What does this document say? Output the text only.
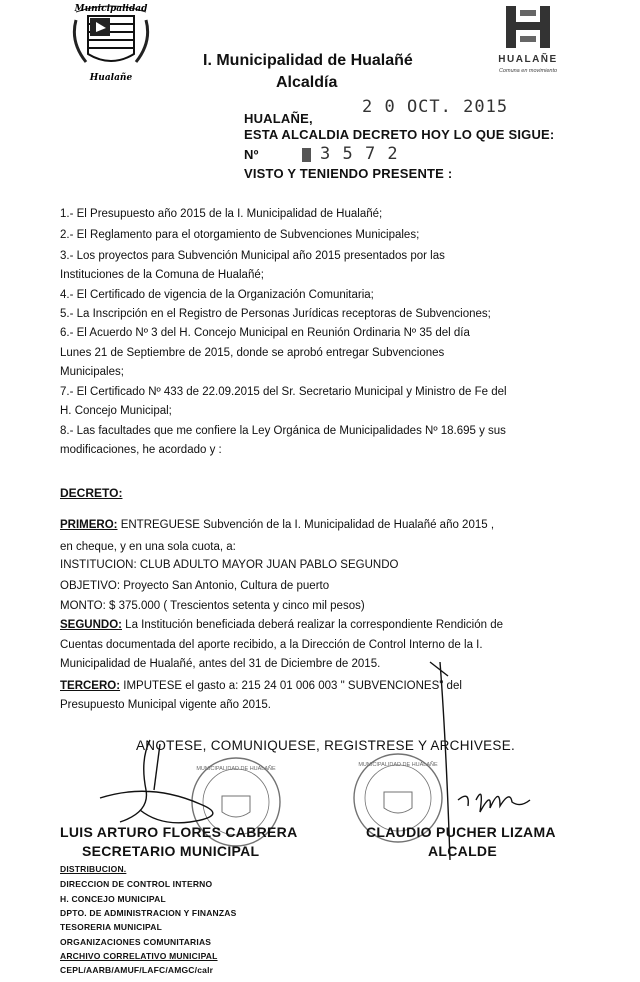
Municipalidad
Hualañe
I. Municipalidad de Hualañé
Alcaldía
HUALAÑE
Comuna en movimiento
HUALAÑE,
2 0 OCT. 2015
ESTA ALCALDIA DECRETO HOY LO QUE SIGUE:
Nº	3 5 7 2
VISTO Y TENIENDO PRESENTE :
1.- El Presupuesto año 2015 de la I. Municipalidad de Hualañé;
2.- El Reglamento para el otorgamiento de Subvenciones Municipales;
3.- Los proyectos para Subvención Municipal año 2015 presentados por las
Instituciones de la Comuna de Hualañé;
4.- El Certificado de vigencia de la Organización Comunitaria;
5.- La Inscripción en el Registro de Personas Jurídicas receptoras de Subvenciones;
6.- El Acuerdo Nº 3 del H. Concejo Municipal en Reunión Ordinaria Nº 35 del día
Lunes 21 de Septiembre de 2015, donde se aprobó entregar Subvenciones
Municipales;
7.- El Certificado Nº 433 de 22.09.2015 del Sr. Secretario Municipal y Ministro de Fe del
H. Concejo Municipal;
8.- Las facultades que me confiere la Ley Orgánica de Municipalidades Nº 18.695 y sus
modificaciones, he acordado y :
DECRETO:
PRIMERO: ENTREGUESE Subvención de la I. Municipalidad de Hualañé año 2015 ,
en cheque, y en una sola cuota, a:
INSTITUCION: CLUB ADULTO MAYOR JUAN PABLO SEGUNDO
OBJETIVO: Proyecto San Antonio, Cultura de puerto
MONTO: $ 375.000 ( Trescientos setenta y cinco mil pesos)
SEGUNDO: La Institución beneficiada deberá realizar la correspondiente Rendición de
Cuentas documentada del aporte recibido, a la Dirección de Control Interno de la I.
Municipalidad de Hualañé, antes del 31 de Diciembre de 2015.
TERCERO: IMPUTESE el gasto a: 215 24 01 006 003 " SUBVENCIONES" del
Presupuesto Municipal vigente año 2015.
ANOTESE, COMUNIQUESE, REGISTRESE Y ARCHIVESE.
MUNICIPALIDAD DE HUALAÑE
MUNICIPALIDAD DE HUALAÑE
LUIS ARTURO FLORES CABRERA
SECRETARIO MUNICIPAL
CLAUDIO PUCHER LIZAMA
ALCALDE
DISTRIBUCION.
DIRECCION DE CONTROL INTERNO
H. CONCEJO MUNICIPAL
DPTO. DE ADMINISTRACION Y FINANZAS
TESORERIA MUNICIPAL
ORGANIZACIONES COMUNITARIAS
ARCHIVO CORRELATIVO MUNICIPAL
CEPL/AARB/AMUF/LAFC/AMGC/calr
